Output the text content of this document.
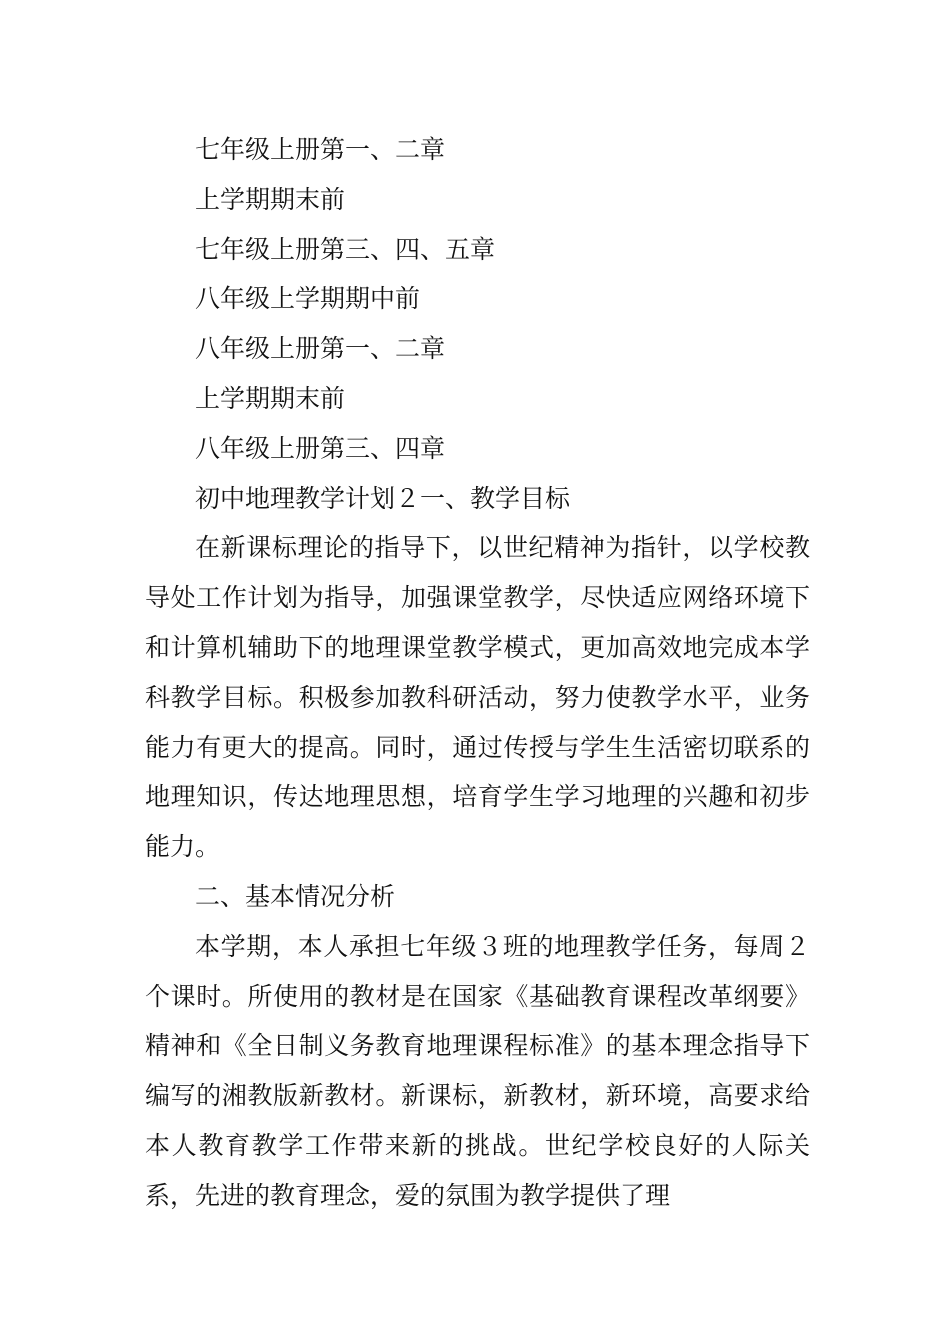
七年级上册第一、二章

上学期期末前

七年级上册第三、四、五章

八年级上学期期中前

八年级上册第一、二章

上学期期末前

八年级上册第三、四章

初中地理教学计划２一、教学目标

在新课标理论的指导下，以世纪精神为指针，以学校教导处工作计划为指导，加强课堂教学，尽快适应网络环境下和计算机辅助下的地理课堂教学模式，更加高效地完成本学科教学目标。积极参加教科研活动，努力使教学水平，业务能力有更大的提高。同时，通过传授与学生生活密切联系的地理知识，传达地理思想，培育学生学习地理的兴趣和初步能力。

二、基本情况分析

本学期，本人承担七年级３班的地理教学任务，每周２个课时。所使用的教材是在国家《基础教育课程改革纲要》精神和《全日制义务教育地理课程标准》的基本理念指导下编写的湘教版新教材。新课标，新教材，新环境，高要求给本人教育教学工作带来新的挑战。世纪学校良好的人际关系，先进的教育理念，爱的氛围为教学提供了理
